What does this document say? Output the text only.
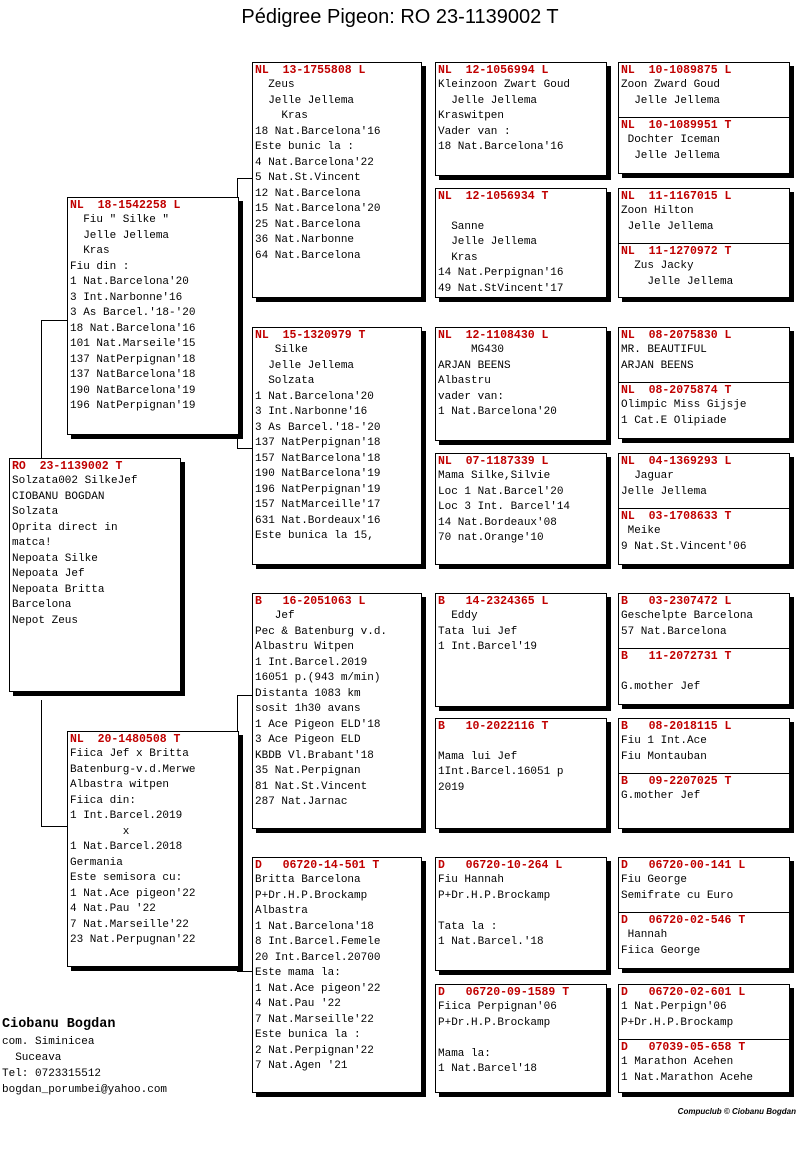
Pédigree Pigeon: RO 23-1139002 T
RO  23-1139002 T
Solzata002 SilkeJef
CIOBANU BOGDAN
Solzata
Oprita direct in
matca!
Nepoata Silke
Nepoata Jef
Nepoata Britta
Barcelona
Nepot Zeus
NL  18-1542258 L
Fiu " Silke "
Jelle Jellema
Kras
Fiu din :
1 Nat.Barcelona'20
3 Int.Narbonne'16
3 As Barcel.'18-'20
18 Nat.Barcelona'16
101 Nat.Marseile'15
137 NatPerpignan'18
137 NatBarcelona'18
190 NatBarcelona'19
196 NatPerpignan'19
NL  20-1480508 T
Fiica Jef x Britta
Batenburg-v.d.Merwe
Albastra witpen
Fiica din:
1 Int.Barcel.2019
x
1 Nat.Barcel.2018
Germania
Este semisora cu:
1 Nat.Ace pigeon'22
4 Nat.Pau '22
7 Nat.Marseille'22
23 Nat.Perpugnan'22
NL  13-1755808 L
Zeus
Jelle Jellema
Kras
18 Nat.Barcelona'16
Este bunic la :
4 Nat.Barcelona'22
5 Nat.St.Vincent
12 Nat.Barcelona
15 Nat.Barcelona'20
25 Nat.Barcelona
36 Nat.Narbonne
64 Nat.Barcelona
NL  15-1320979 T
Silke
Jelle Jellema
Solzata
1 Nat.Barcelona'20
3 Int.Narbonne'16
3 As Barcel.'18-'20
137 NatPerpignan'18
157 NatBarcelona'18
190 NatBarcelona'19
196 NatPerpignan'19
157 NatMarceille'17
631 Nat.Bordeaux'16
Este bunica la 15,
B   16-2051063 L
Jef
Pec & Batenburg v.d.
Albastru Witpen
1 Int.Barcel.2019
16051 p.(943 m/min)
Distanta 1083 km
sosit 1h30 avans
1 Ace Pigeon ELD'18
3 Ace Pigeon ELD
KBDB Vl.Brabant'18
35 Nat.Perpignan
81 Nat.St.Vincent
287 Nat.Jarnac
D   06720-14-501 T
Britta Barcelona
P+Dr.H.P.Brockamp
Albastra
1 Nat.Barcelona'18
8 Int.Barcel.Femele
20 Int.Barcel.20700
Este mama la:
1 Nat.Ace pigeon'22
4 Nat.Pau '22
7 Nat.Marseille'22
Este bunica la :
2 Nat.Perpignan'22
7 Nat.Agen '21
NL  12-1056994 L
Kleinzoon Zwart Goud
Jelle Jellema
Kraswitpen
Vader van :
18 Nat.Barcelona'16
NL  12-1056934 T

Sanne
Jelle Jellema
Kras
14 Nat.Perpignan'16
49 Nat.StVincent'17
NL  12-1108430 L
MG430
ARJAN BEENS
Albastru
vader van:
1 Nat.Barcelona'20
NL  07-1187339 L
Mama Silke,Silvie
Loc 1 Nat.Barcel'20
Loc 3 Int. Barcel'14
14 Nat.Bordeaux'08
70 nat.Orange'10
B   14-2324365 L
Eddy
Tata lui Jef
1 Int.Barcel'19
B   10-2022116 T

Mama lui Jef
1Int.Barcel.16051 p
2019
D   06720-10-264 L
Fiu Hannah
P+Dr.H.P.Brockamp

Tata la :
1 Nat.Barcel.'18
D   06720-09-1589 T
Fiica Perpignan'06
P+Dr.H.P.Brockamp

Mama la:
1 Nat.Barcel'18
NL  10-1089875 L
Zoon Zward Goud
Jelle Jellema
NL  10-1089951 T
Dochter Iceman
Jelle Jellema
NL  11-1167015 L
Zoon Hilton
Jelle Jellema
NL  11-1270972 T
Zus Jacky
Jelle Jellema
NL  08-2075830 L
MR. BEAUTIFUL
ARJAN BEENS
NL  08-2075874 T
Olimpic Miss Gijsje
1 Cat.E Olipiade
NL  04-1369293 L
Jaguar
Jelle Jellema
NL  03-1708633 T
Meike
9 Nat.St.Vincent'06
B   03-2307472 L
Geschelpte Barcelona
57 Nat.Barcelona
B   11-2072731 T

G.mother Jef
B   08-2018115 L
Fiu 1 Int.Ace
Fiu Montauban
B   09-2207025 T
G.mother Jef
D   06720-00-141 L
Fiu George
Semifrate cu Euro
D   06720-02-546 T
Hannah
Fiica George
D   06720-02-601 L
1 Nat.Perpign'06
P+Dr.H.P.Brockamp
D   07039-05-658 T
1 Marathon Acehen
1 Nat.Marathon Acehe
Ciobanu Bogdan
com. Siminicea
Suceava
Tel: 0723315512
bogdan_porumbei@yahoo.com
Compuclub © Ciobanu Bogdan
